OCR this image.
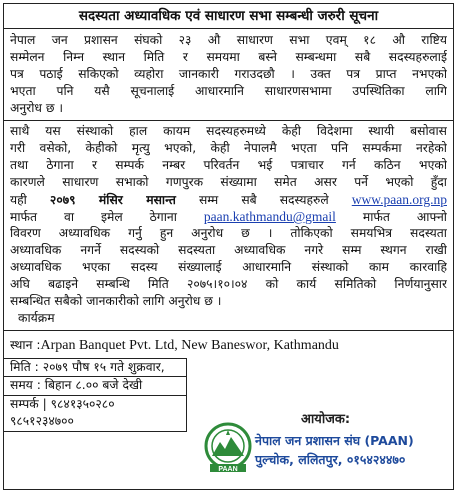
सदस्यता अध्यावधिक एवं साधारण सभा सम्बन्धी जरुरी सूचना
नेपाल जन प्रशासन संघको २३ औ साधारण सभा एवम् १८ औ राष्टिय
सम्मेलन निम्न स्थान मिति र समयमा बस्ने सम्बन्धमा सबै सदस्यहरुलाई
पत्र पठाई सकिएको व्यहोरा जानकारी गराउदछौ । उक्त पत्र प्राप्त नभएको
भएता पनि यसै सूचनालाई आधारमानि साधारणसभामा उपस्थितिका लागि
अनुरोध छ ।
साथै यस संस्थाको हाल कायम सदस्यहरुमध्ये केही विदेशमा स्थायी बसोवास
गरी वसेको, केहीको मृत्यु भएको, केही नेपालमै भएता पनि सम्पर्कमा नरहेको
तथा ठेगाना र सम्पर्क नम्बर परिवर्तन भई पत्राचार गर्न कठिन भएको
कारणले साधारण सभाको गणपुरक संख्यामा समेत असर पर्ने भएको हुँदा
यही २०७९ मंसिर मसान्त सम्म सबै सदस्यहरुले www.paan.org.np
मार्फत वा इमेल ठेगाना paan.kathmandu@gmail मार्फत आफ्नो
विवरण अध्यावधिक गर्नु हुन अनुरोध छ । तोकिएको समयभित्र सदस्यता
अध्यावधिक नगर्ने सदस्यको सदस्यता अध्यावधिक नगरे सम्म स्थगन राखी
अध्यावधिक भएका सदस्य संख्यालाई आधारमानि संस्थाको काम कारवाहि
अघि बढाइने सम्बन्धि मिति २०७५।१०।०४ को कार्य समितिको निर्णयानुसार
सम्बन्धित सबैको जानकारीको लागि अनुरोध छ ।
कार्यक्रम
स्थान :Arpan Banquet Pvt. Ltd, New Baneswor, Kathmandu
मिति : २०७९ पौष १५ गते शुक्रवार,
समय : बिहान ८.०० बजे देखी
सम्पर्क | ९८४१३५०२८०
९८५१२३४७००	आयोजक:
PAAN
नेपाल जन प्रशासन संघ (PAAN)
पुल्चोक, ललितपुर, ०१५४२४४७०
